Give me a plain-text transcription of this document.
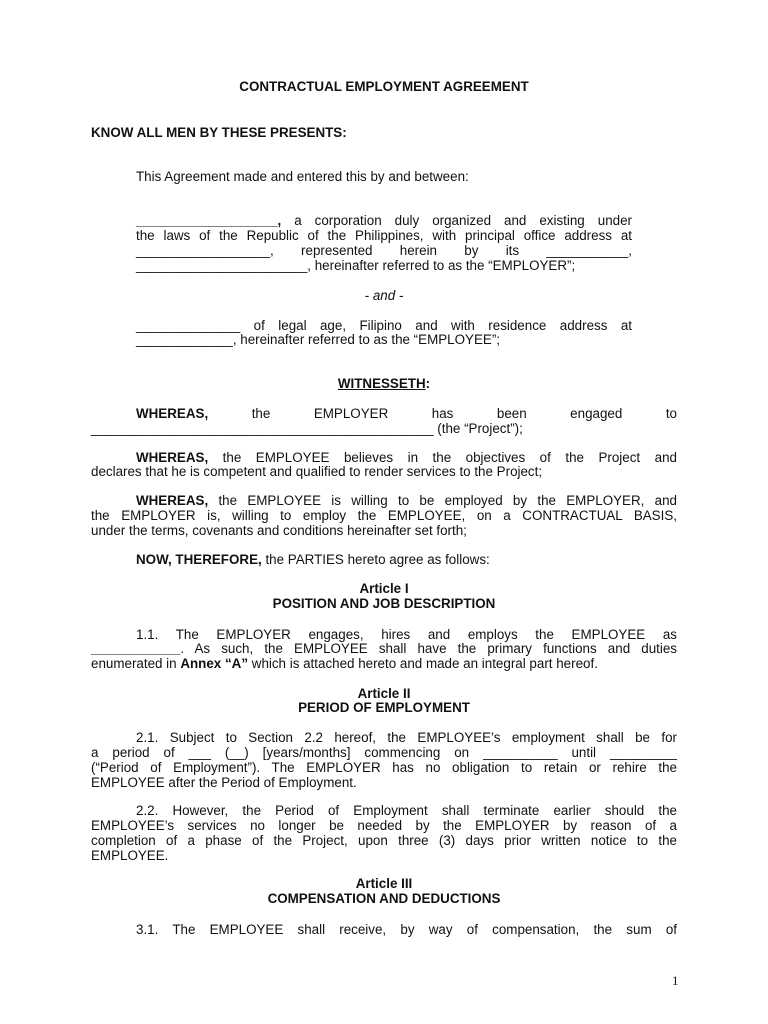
CONTRACTUAL EMPLOYMENT AGREEMENT
KNOW ALL MEN BY THESE PRESENTS:
This Agreement made and entered this by and between:
___________________, a corporation duly organized and existing under
the laws of the Republic of the Philippines, with principal office address at
__________________, represented herein by its ___________,
_______________________, hereinafter referred to as the “EMPLOYER”;
- and -
______________ of legal age, Filipino and with residence address at
_____________, hereinafter referred to as the “EMPLOYEE”;
WITNESSETH:
WHEREAS,	the EMPLOYER has been engaged to
______________________________________________ (the “Project”);
WHEREAS, the EMPLOYEE believes in the objectives of the Project and
declares that he is competent and qualified to render services to the Project;
WHEREAS, the EMPLOYEE is willing to be employed by the EMPLOYER, and
the EMPLOYER is, willing to employ the EMPLOYEE, on a CONTRACTUAL BASIS,
under the terms, covenants and conditions hereinafter set forth;
NOW, THEREFORE, the PARTIES hereto agree as follows:
Article I
POSITION AND JOB DESCRIPTION
1.1. The EMPLOYER engages, hires and employs the EMPLOYEE as
____________. As such, the EMPLOYEE shall have the primary functions and duties
enumerated in Annex “A” which is attached hereto and made an integral part hereof.
Article II
PERIOD OF EMPLOYMENT
2.1. Subject to Section 2.2 hereof, the EMPLOYEE’s employment shall be for
a period of ___ (__) [years/months] commencing on __________ until _________
(“Period of Employment”). The EMPLOYER has no obligation to retain or rehire the
EMPLOYEE after the Period of Employment.
2.2. However, the Period of Employment shall terminate earlier should the
EMPLOYEE’s services no longer be needed by the EMPLOYER by reason of a
completion of a phase of the Project, upon three (3) days prior written notice to the
EMPLOYEE.
Article III
COMPENSATION AND DEDUCTIONS
3.1. The EMPLOYEE shall receive, by way of compensation, the sum of
1
